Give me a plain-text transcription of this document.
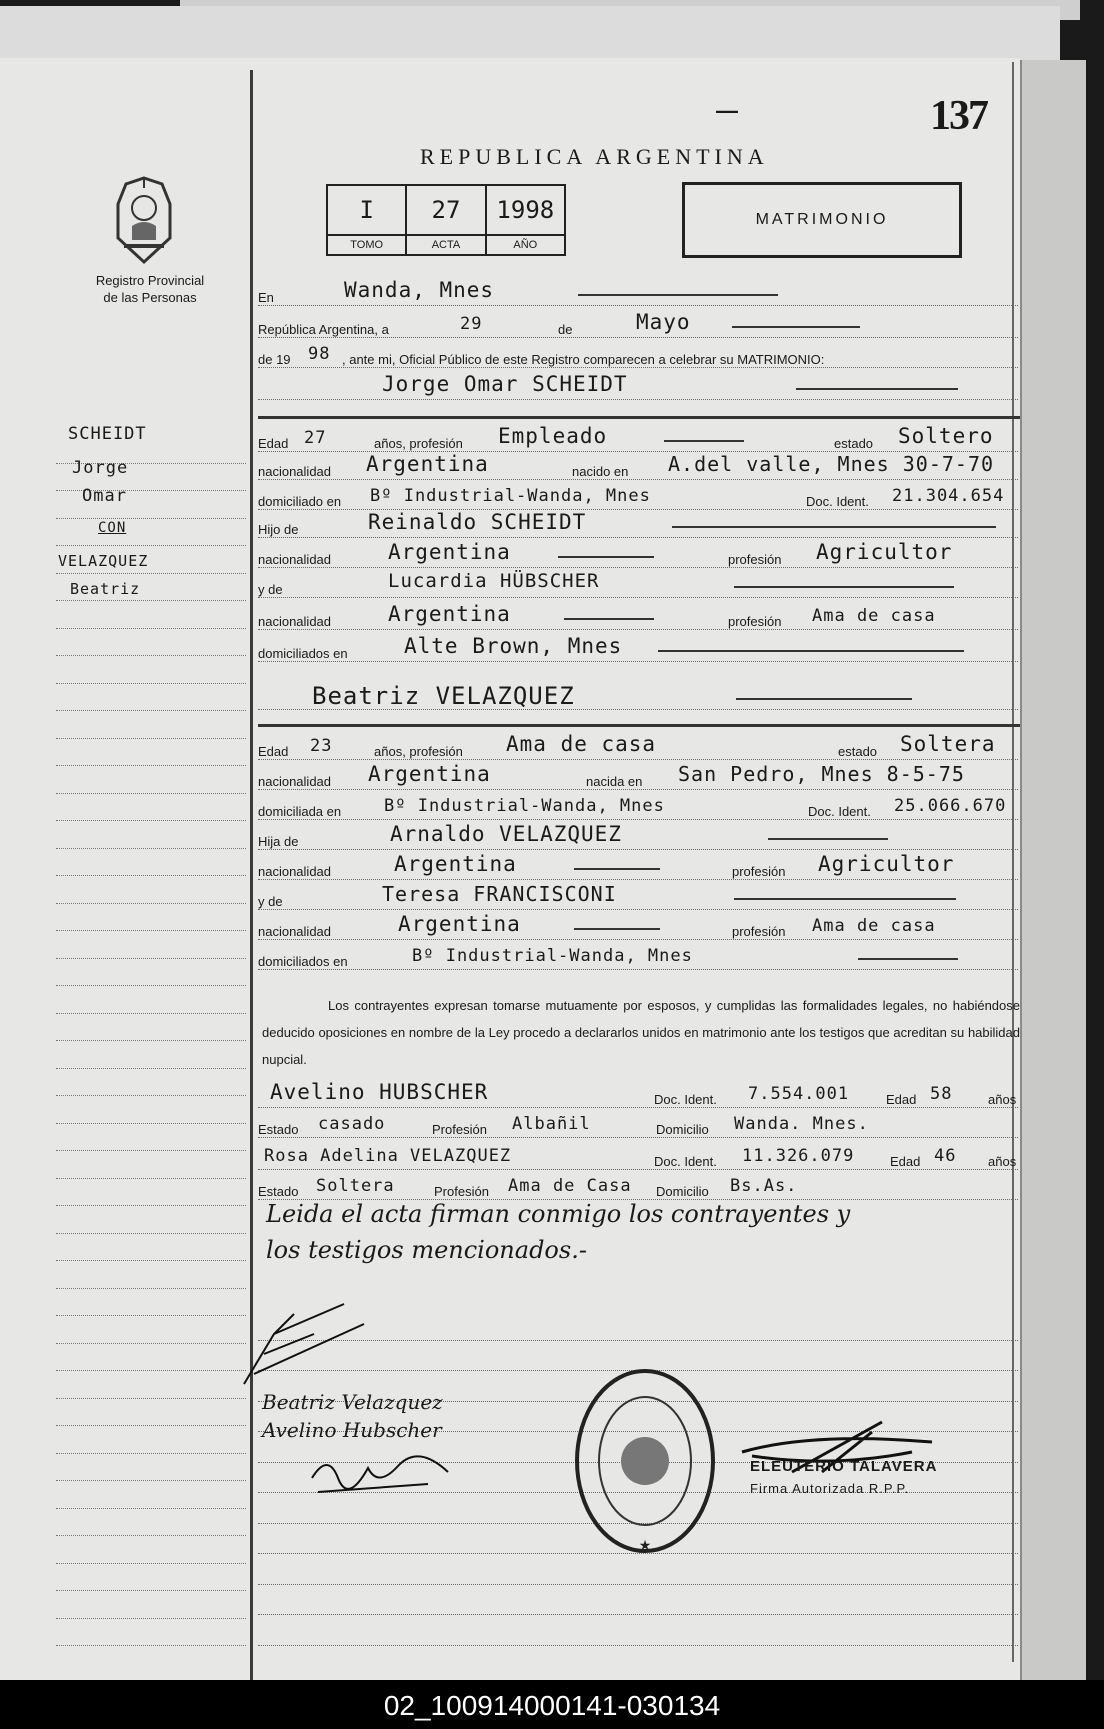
Registro Provincial
de las Personas
SCHEIDT
Jorge
Omar
CON
VELAZQUEZ
Beatriz
—	137
REPUBLICA ARGENTINA
I
TOMO
27
ACTA
1998
AÑO
MATRIMONIO
En	Wanda, Mnes
República Argentina, a	29	de	Mayo
de 19 98 , ante mi, Oficial Público de este Registro comparecen a celebrar su MATRIMONIO:
Jorge Omar SCHEIDT
Edad 27	años, profesión Empleado	estado Soltero
nacionalidad Argentina	nacido en A.del valle, Mnes 30-7-70
domiciliado en Bº Industrial-Wanda, Mnes	Doc. Ident. 21.304.654
Hijo de	Reinaldo SCHEIDT
nacionalidad	Argentina	profesión Agricultor
y de	Lucardia HÜBSCHER
nacionalidad	Argentina	profesión Ama de casa
domiciliados en	Alte Brown, Mnes
Beatriz VELAZQUEZ
Edad 23	años, profesión Ama de casa	estado Soltera
nacionalidad Argentina	nacida en San Pedro, Mnes 8-5-75
domiciliada en	Bº Industrial-Wanda, Mnes	Doc. Ident. 25.066.670
Hija de	Arnaldo VELAZQUEZ
nacionalidad	Argentina	profesión Agricultor
y de	Teresa FRANCISCONI
nacionalidad	Argentina	profesión Ama de casa
domiciliados en	Bº Industrial-Wanda, Mnes
Los contrayentes expresan tomarse mutuamente por esposos, y cumplidas las formalidades legales, no habiéndose deducido oposiciones en nombre de la Ley procedo a declararlos unidos en matrimonio ante los testigos que acreditan su habilidad nupcial.
Avelino HUBSCHER	Doc. Ident. 7.554.001	Edad 58	años
Estado casado	Profesión Albañil	Domicilio Wanda. Mnes.
Rosa Adelina VELAZQUEZ	Doc. Ident. 11.326.079	Edad 46 años
Estado Soltera	Profesión Ama de Casa Domicilio Bs.As.
Leida el acta firman conmigo los contrayentes y
los testigos mencionados.-
Beatriz Velazquez
Avelino Hubscher
★
ELEUTERIO TALAVERA
Firma Autorizada R.P.P.
02_100914000141-030134
